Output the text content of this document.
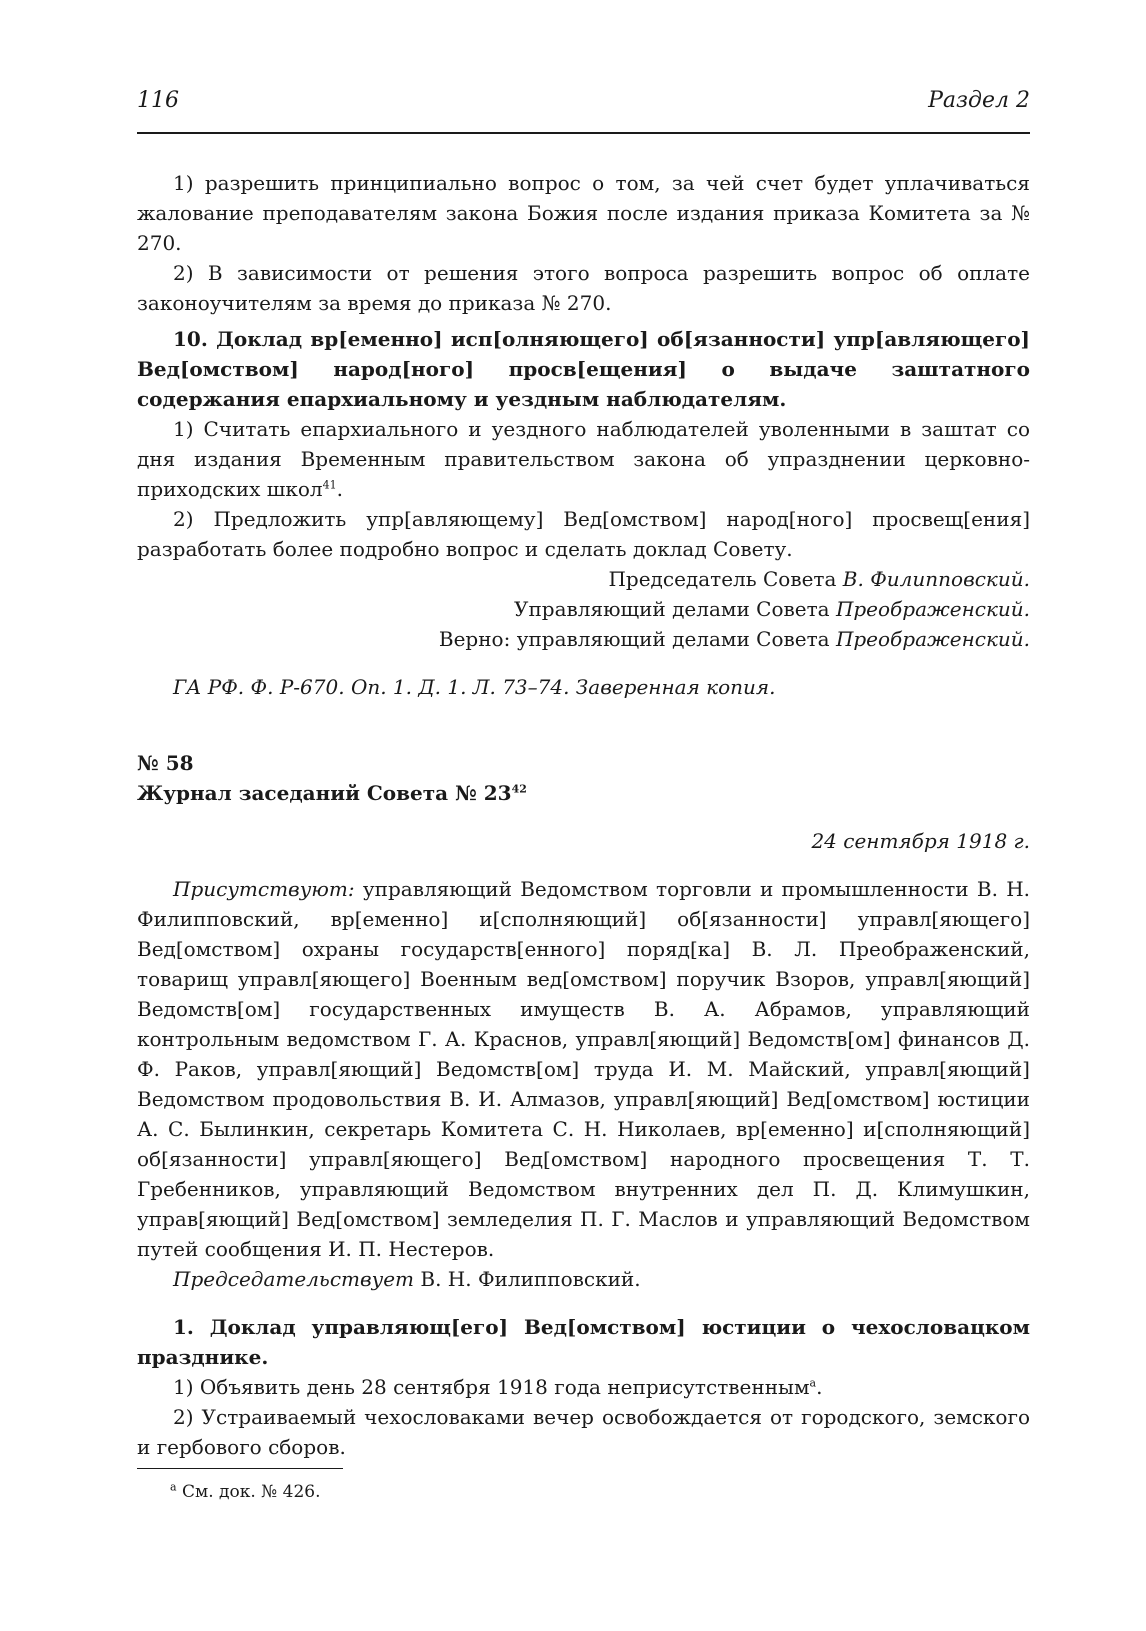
116	Раздел 2

1) разрешить принципиально вопрос о том, за чей счет будет уплачиваться жалование преподавателям закона Божия после издания приказа Комитета за № 270.

2) В зависимости от решения этого вопроса разрешить вопрос об оплате законоучителям за время до приказа № 270.

10. Доклад вр[еменно] исп[олняющего] об[язанности] упр[авляющего] Вед[омством] народ[ного] просв[ещения] о выдаче заштатного содержания епархиальному и уездным наблюдателям.

1) Считать епархиального и уездного наблюдателей уволенными в заштат со дня издания Временным правительством закона об упразднении церковно-приходских школ$^{41}$.

2) Предложить упр[авляющему] Вед[омством] народ[ного] просвещ[ения] разработать более подробно вопрос и сделать доклад Совету.

Председатель Совета В. Филипповский.

Управляющий делами Совета Преображенский.

Верно: управляющий делами Совета Преображенский.

ГА РФ. Ф. Р-670. Оп. 1. Д. 1. Л. 73–74. Заверенная копия.

№ 58

Журнал заседаний Совета № $23^{42}$

24 сентября 1918 г.

Присутствуют: управляющий Ведомством торговли и промышленности В. Н. Филипповский, вр[еменно] и[сполняющий] об[язанности] управл[яющего] Вед[омством] охраны государств[енного] поряд[ка] В. Л. Преображенский, товарищ управл[яющего] Военным вед[омством] поручик Взоров, управл[яющий] Ведомств[ом] государственных имуществ В. А. Абрамов, управляющий контрольным ведомством Г. А. Краснов, управл[яющий] Ведомств[ом] финансов Д. Ф. Раков, управл[яющий] Ведомств[ом] труда И. М. Майский, управл[яющий] Ведомством продовольствия В. И. Алмазов, управл[яющий] Вед[омством] юстиции А. С. Былинкин, секретарь Комитета С. Н. Николаев, вр[еменно] и[сполняющий] об[язанности] управл[яющего] Вед[омством] народного просвещения Т. Т. Гребенников, управляющий Ведомством внутренних дел П. Д. Климушкин, управ[яющий] Вед[омством] земледелия П. Г. Маслов и управляющий Ведомством путей сообщения И. П. Нестеров.

Председательствует В. Н. Филипповский.

1. Доклад управляющ[его] Вед[омством] юстиции о чехословацком празднике.

1) Объявить день 28 сентября 1918 года неприсутственным$^а$.

2) Устраиваемый чехословаками вечер освобождается от городского, земского и гербового сборов.

$^а$ См. док. № 426.
